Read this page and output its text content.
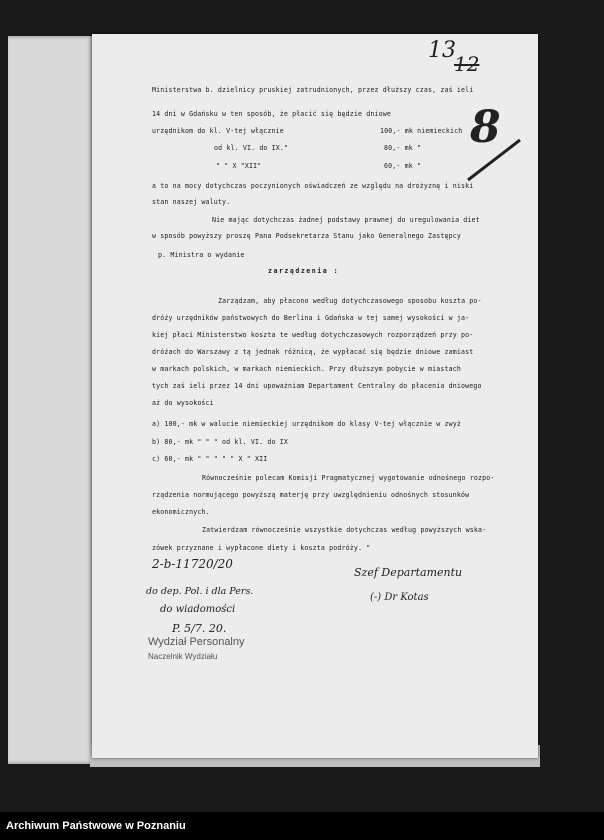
13
12
8
Ministerstwa b. dzielnicy pruskiej zatrudnionych, przez dłuższy czas, zaś ieli
14 dni w Gdańsku w ten sposób, że płacić się będzie dniowe
urzędnikom do kl. V-tej włącznie	100,- mk niemieckich
od kl. VI. do IX."	80,- mk "
" " X "XII"	60,- mk "
a to na mocy dotychczas poczynionych oświadczeń ze względu na drożyznę i niski
stan naszej waluty.
Nie mając dotychczas żadnej podstawy prawnej do uregulowania diet
w sposób powyższy proszę Pana Podsekretarza Stanu jako Generalnego Zastępcy
p. Ministra o wydanie
zarządzenia :
Zarządzam, aby płacono według dotychczasowego sposobu koszta po-
dróży urzędników państwowych do Berlina i Gdańska w tej samej wysokości w ja-
kiej płaci Ministerstwo koszta te według dotychczasowych rozporządzeń przy po-
dróżach do Warszawy z tą jednak różnicą, że wypłacać się będzie dniowe zamiast
w markach polskich, w markach niemieckich. Przy dłuższym pobycie w miastach
tych zaś ieli przez 14 dni upoważniam Departament Centralny do płacenia dniowego
aż do wysokości
a) 100,- mk w walucie niemieckiej urzędnikom do klasy V-tej włącznie w zwyż
b) 80,- mk " " " od kl. VI. do IX
c) 60,- mk " " " " " X " XII
Równocześnie polecam Komisji Pragmatycznej wygotowanie odnośnego rozpo-
rządzenia normującego powyższą materję przy uwzględnieniu odnośnych stosunków
ekonomicznych.
Zatwierdzam równocześnie wszystkie dotychczas według powyższych wska-
zówek przyznane i wypłacone diety i koszta podróży. "
2-b-11720/20
Szef Departamentu
do dep. Pol. i dla Pers.
(-) Dr Kotas
do wiadomości
P. 5/7. 20.
Wydział Personalny
Naczelnik Wydziału
Archiwum Państwowe w Poznaniu
